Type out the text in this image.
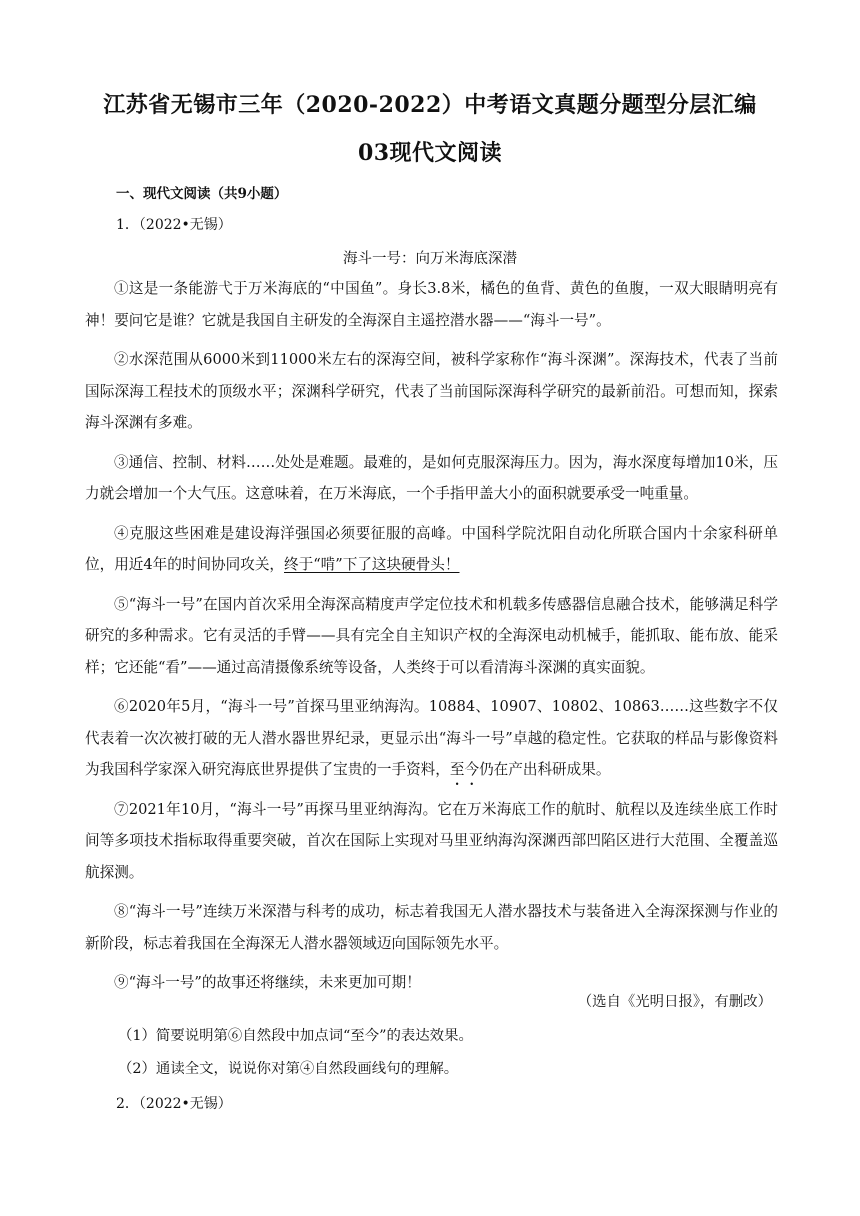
江苏省无锡市三年（2020-2022）中考语文真题分题型分层汇编
03现代文阅读
一、现代文阅读（共9小题）
1．（2022•无锡）
海斗一号：向万米海底深潜

①这是一条能游弋于万米海底的“中国鱼”。身长3.8米，橘色的鱼背、黄色的鱼腹，一双大眼睛明亮有神！要问它是谁？它就是我国自主研发的全海深自主遥控潜水器——“海斗一号”。

②水深范围从6000米到11000米左右的深海空间，被科学家称作“海斗深渊”。深海技术，代表了当前国际深海工程技术的顶级水平；深渊科学研究，代表了当前国际深海科学研究的最新前沿。可想而知，探索海斗深渊有多难。

③通信、控制、材料……处处是难题。最难的，是如何克服深海压力。因为，海水深度每增加10米，压力就会增加一个大气压。这意味着，在万米海底，一个手指甲盖大小的面积就要承受一吨重量。

④克服这些困难是建设海洋强国必须要征服的高峰。中国科学院沈阳自动化所联合国内十余家科研单位，用近4年的时间协同攻关，终于“啃”下了这块硬骨头！

⑤“海斗一号”在国内首次采用全海深高精度声学定位技术和机载多传感器信息融合技术，能够满足科学研究的多种需求。它有灵活的手臂——具有完全自主知识产权的全海深电动机械手，能抓取、能布放、能采样；它还能“看”——通过高清摄像系统等设备，人类终于可以看清海斗深渊的真实面貌。

⑥2020年5月，“海斗一号”首探马里亚纳海沟。10884、10907、10802、10863……这些数字不仅代表着一次次被打破的无人潜水器世界纪录，更显示出“海斗一号”卓越的稳定性。它获取的样品与影像资料为我国科学家深入研究海底世界提供了宝贵的一手资料，至今仍在产出科研成果。

⑦2021年10月，“海斗一号”再探马里亚纳海沟。它在万米海底工作的航时、航程以及连续坐底工作时间等多项技术指标取得重要突破，首次在国际上实现对马里亚纳海沟深渊西部凹陷区进行大范围、全覆盖巡航探测。

⑧“海斗一号”连续万米深潜与科考的成功，标志着我国无人潜水器技术与装备进入全海深探测与作业的新阶段，标志着我国在全海深无人潜水器领域迈向国际领先水平。

⑨“海斗一号”的故事还将继续，未来更加可期！

（选自《光明日报》，有删改）
（1）简要说明第⑥自然段中加点词“至今”的表达效果。
（2）通读全文，说说你对第④自然段画线句的理解。
2．（2022•无锡）
